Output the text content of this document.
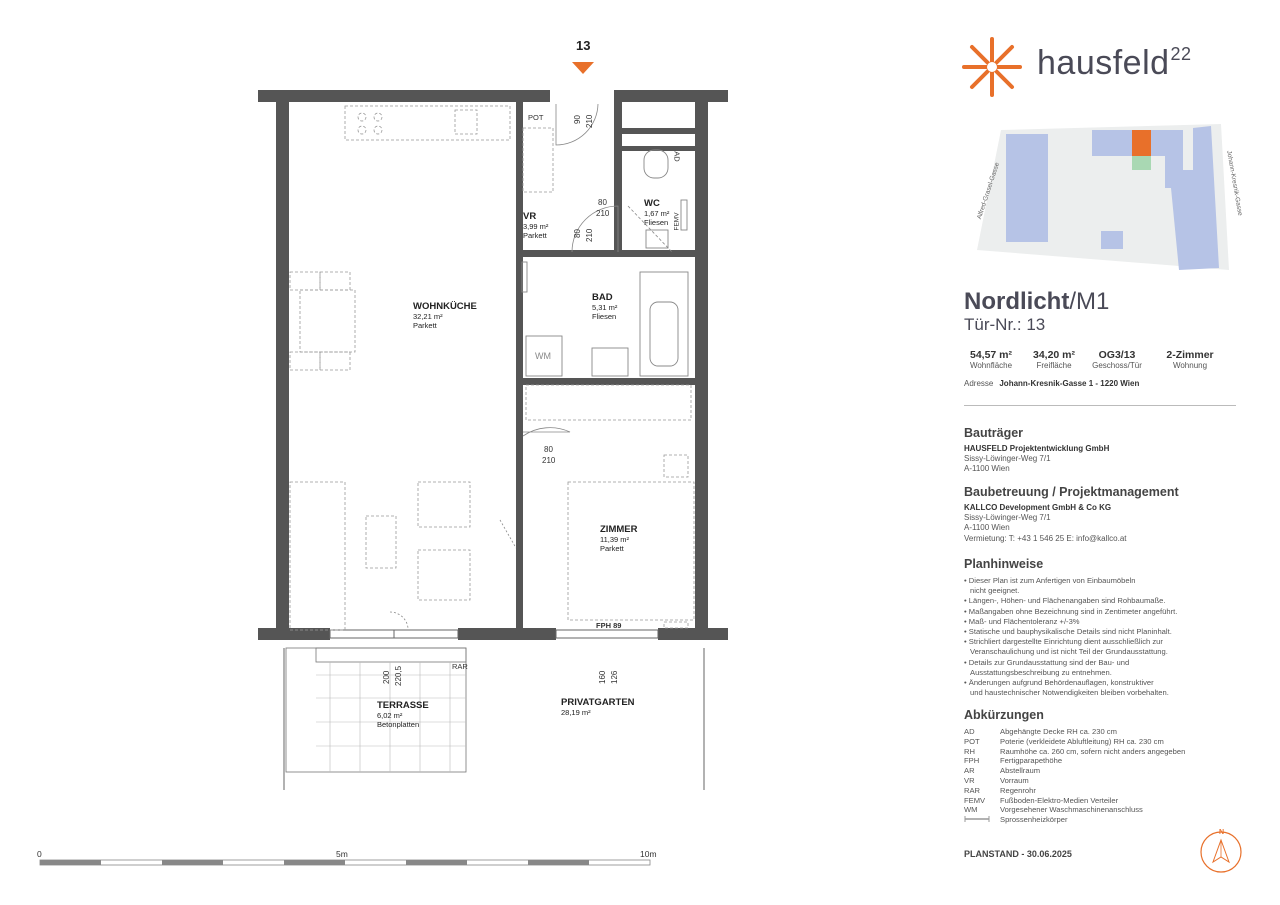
13
WOHNKÜCHE
32,21 m²
Parkett
VR
3,99 m²
Parkett
WC
1,67 m²
Fliesen
BAD
5,31 m²
Fliesen
ZIMMER
11,39 m²
Parkett
TERRASSE
6,02 m²
Betonplatten
PRIVATGARTEN
28,19 m²
POT
AD
FEMV
WM
FPH 89
RAR
90 210
80
210
80 210
80
210
200 220,5	160 126
0	5m	10m
hausfeld$^{22}$
Alfred-Grasel-Gasse	Johann-Kresnik-Gasse
Nordlicht/M1
Tür-Nr.: 13
54,57 m²
Wohnfläche
34,20 m²
Freifläche
OG3/13
Geschoss/Tür
2-Zimmer
Wohnung
Adresse Johann-Kresnik-Gasse 1 - 1220 Wien
Bauträger
HAUSFELD Projektentwicklung GmbH
Sissy-Löwinger-Weg 7/1
A-1100 Wien
Baubetreuung / Projektmanagement
KALLCO Development GmbH & Co KG
Sissy-Löwinger-Weg 7/1
A-1100 Wien
Vermietung: T: +43 1 546 25 E: info@kallco.at
Planhinweise
• Dieser Plan ist zum Anfertigen von Einbaumöbeln
nicht geeignet.
• Längen-, Höhen- und Flächenangaben sind Rohbaumaße.
• Maßangaben ohne Bezeichnung sind in Zentimeter angeführt.
• Maß- und Flächentoleranz +/-3%
• Statische und bauphysikalische Details sind nicht Planinhalt.
• Strichliert dargestellte Einrichtung dient ausschließlich zur
Veranschaulichung und ist nicht Teil der Grundausstattung.
• Details zur Grundausstattung sind der Bau- und
Ausstattungsbeschreibung zu entnehmen.
• Änderungen aufgrund Behördenauflagen, konstruktiver
und haustechnischer Notwendigkeiten bleiben vorbehalten.
Abkürzungen
AD	Abgehängte Decke RH ca. 230 cm
POT	Poterie (verkleidete Abluftleitung) RH ca. 230 cm
RH	Raumhöhe ca. 260 cm, sofern nicht anders angegeben
FPH	Fertigparapethöhe
AR	Abstellraum
VR	Vorraum
RAR	Regenrohr
FEMV	Fußboden-Elektro-Medien Verteiler
WM	Vorgesehener Waschmaschinenanschluss
Sprossenheizkörper
PLANSTAND - 30.06.2025
N
